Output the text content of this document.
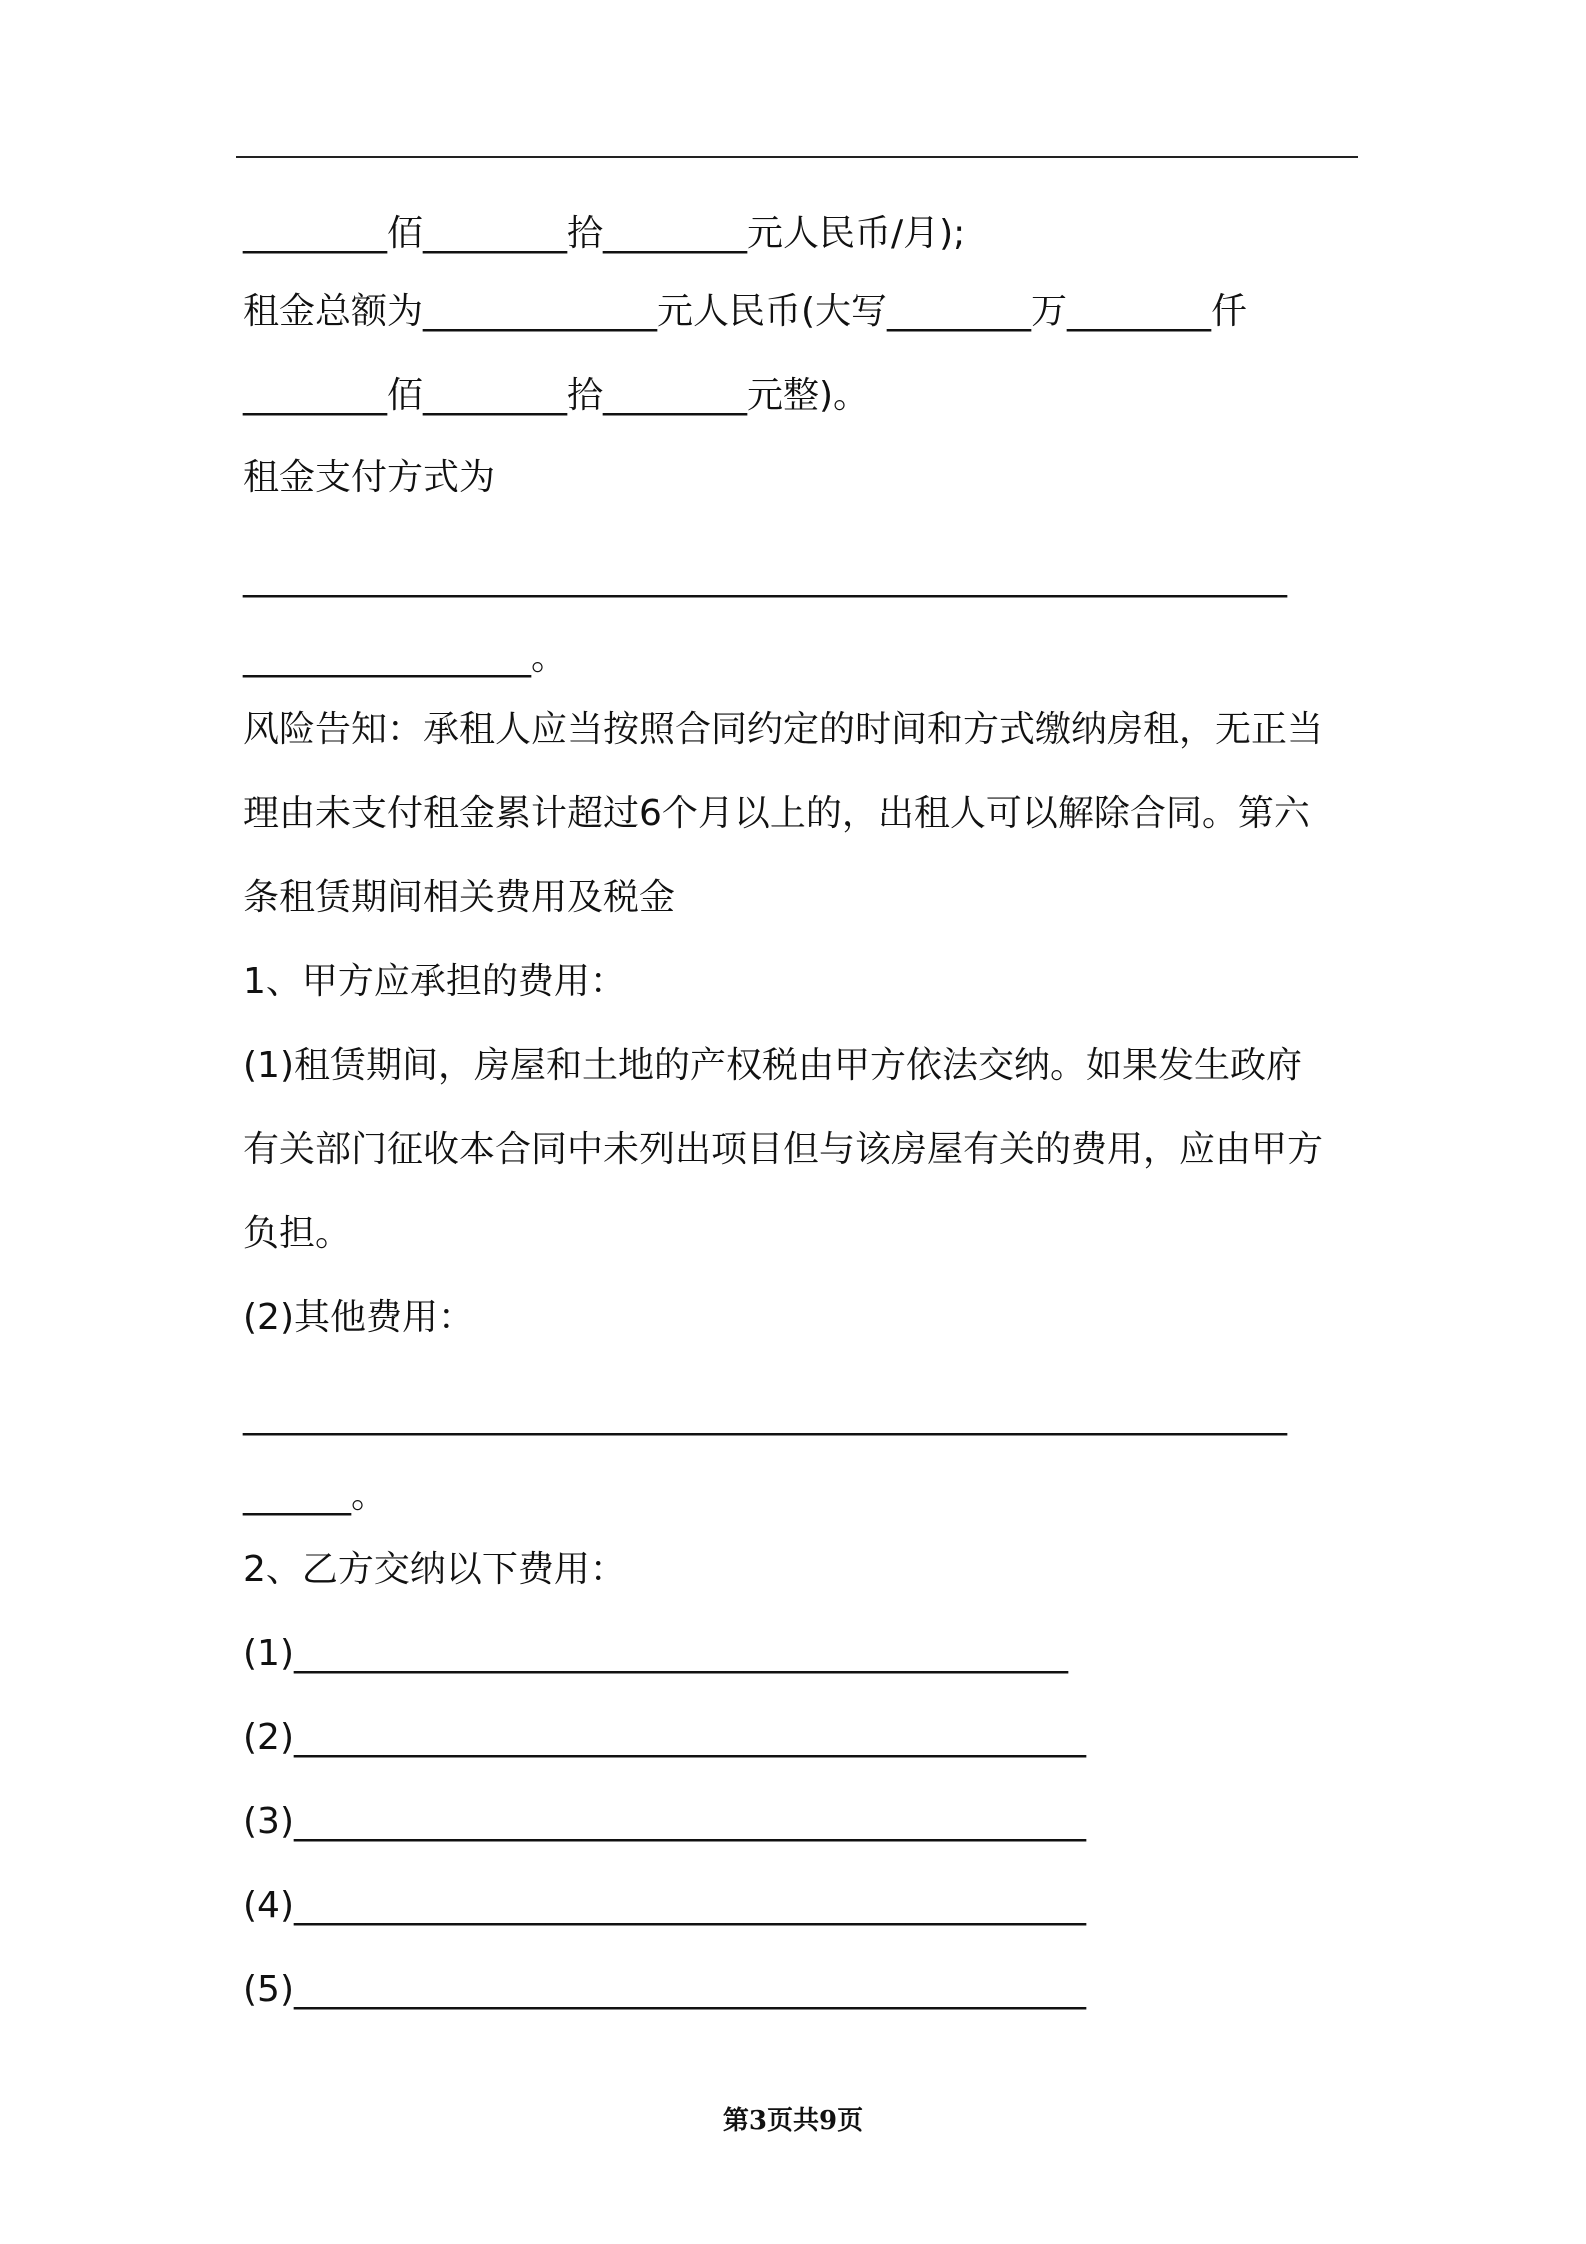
________佰________拾________元人民币/月);
租金总额为_____________元人民币(大写________万________仟
________佰________拾________元整)。
租金支付方式为
__________________________________________________________
________________。
风险告知：承租人应当按照合同约定的时间和方式缴纳房租，无正当
理由未支付租金累计超过6个月以上的，出租人可以解除合同。第六
条租赁期间相关费用及税金
1、甲方应承担的费用：
(1)租赁期间，房屋和土地的产权税由甲方依法交纳。如果发生政府
有关部门征收本合同中未列出项目但与该房屋有关的费用，应由甲方
负担。
(2)其他费用：
__________________________________________________________
______。
2、乙方交纳以下费用：
(1)___________________________________________
(2)____________________________________________
(3)____________________________________________
(4)____________________________________________
(5)____________________________________________
第3页共9页
